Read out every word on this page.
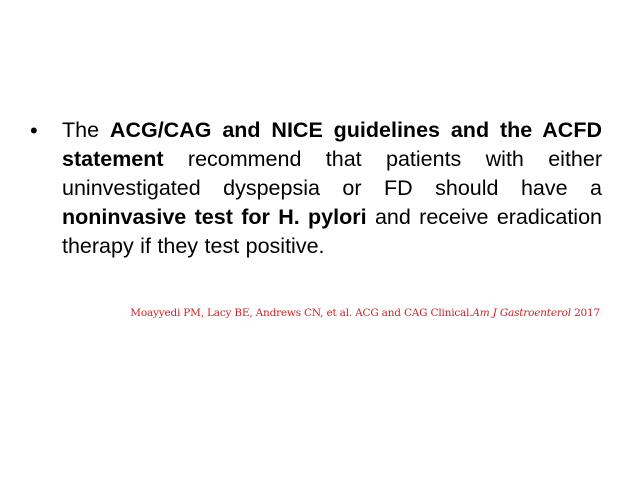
•	The ACG/CAG and NICE guidelines and the ACFD statement recommend that patients with either uninvestigated dyspepsia or FD should have a noninvasive test for H. pylori and receive eradication therapy if they test positive.
Moayyedi PM, Lacy BE, Andrews CN, et al. ACG and CAG Clinical.Am J Gastroenterol 2017
